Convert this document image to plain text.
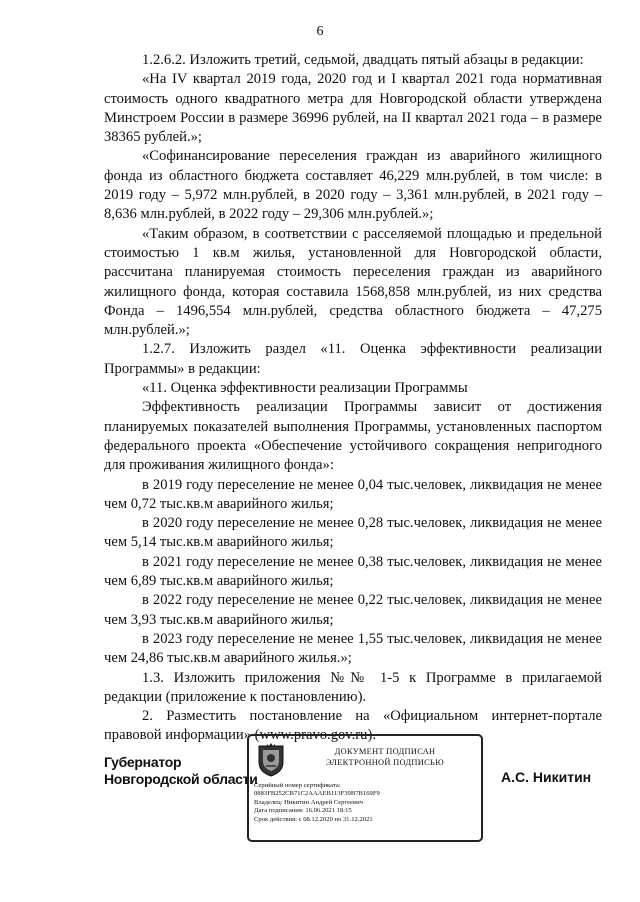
6

1.2.6.2. Изложить третий, седьмой, двадцать пятый абзацы в редакции:

«На IV квартал 2019 года, 2020 год и I квартал 2021 года нормативная стоимость одного квадратного метра для Новгородской области утверждена Минстроем России в размере 36996 рублей, на II квартал 2021 года – в размере 38365 рублей.»;

«Софинансирование переселения граждан из аварийного жилищного фонда из областного бюджета составляет 46,229 млн.рублей, в том числе: в 2019 году – 5,972 млн.рублей, в 2020 году – 3,361 млн.рублей, в 2021 году – 8,636 млн.рублей, в 2022 году – 29,306 млн.рублей.»;

«Таким образом, в соответствии с расселяемой площадью и предельной стоимостью 1 кв.м жилья, установленной для Новгородской области, рассчитана планируемая стоимость переселения граждан из аварийного жилищного фонда, которая составила 1568,858 млн.рублей, из них средства Фонда – 1496,554 млн.рублей, средства областного бюджета – 47,275 млн.рублей.»;

1.2.7. Изложить раздел «11. Оценка эффективности реализации Программы» в редакции:

«11. Оценка эффективности реализации Программы

Эффективность реализации Программы зависит от достижения планируемых показателей выполнения Программы, установленных паспортом федерального проекта «Обеспечение устойчивого сокращения непригодного для проживания жилищного фонда»:

в 2019 году переселение не менее 0,04 тыс.человек, ликвидация не менее чем 0,72 тыс.кв.м аварийного жилья;

в 2020 году переселение не менее 0,28 тыс.человек, ликвидация не менее чем 5,14 тыс.кв.м аварийного жилья;

в 2021 году переселение не менее 0,38 тыс.человек, ликвидация не менее чем 6,89 тыс.кв.м аварийного жилья;

в 2022 году переселение не менее 0,22 тыс.человек, ликвидация не менее чем 3,93 тыс.кв.м аварийного жилья;

в 2023 году переселение не менее 1,55 тыс.человек, ликвидация не менее чем 24,86 тыс.кв.м аварийного жилья.»;

1.3. Изложить приложения №№ 1-5 к Программе в прилагаемой редакции (приложение к постановлению).

2. Разместить постановление на «Официальном интернет-портале правовой информации» (www.pravo.gov.ru).

Губернатор
Новгородской области
ДОКУМЕНТ ПОДПИСАН
ЭЛЕКТРОННОЙ ПОДПИСЬЮ
Серийный номер сертификата:
0883FB252CB71C2AAAEB113F39B7B169F9
Владелец: Никитин Андрей Сергеевич
Дата подписания: 16.06.2021 18:15
Срок действия: с 08.12.2020 по 31.12.2021
А.С. Никитин
